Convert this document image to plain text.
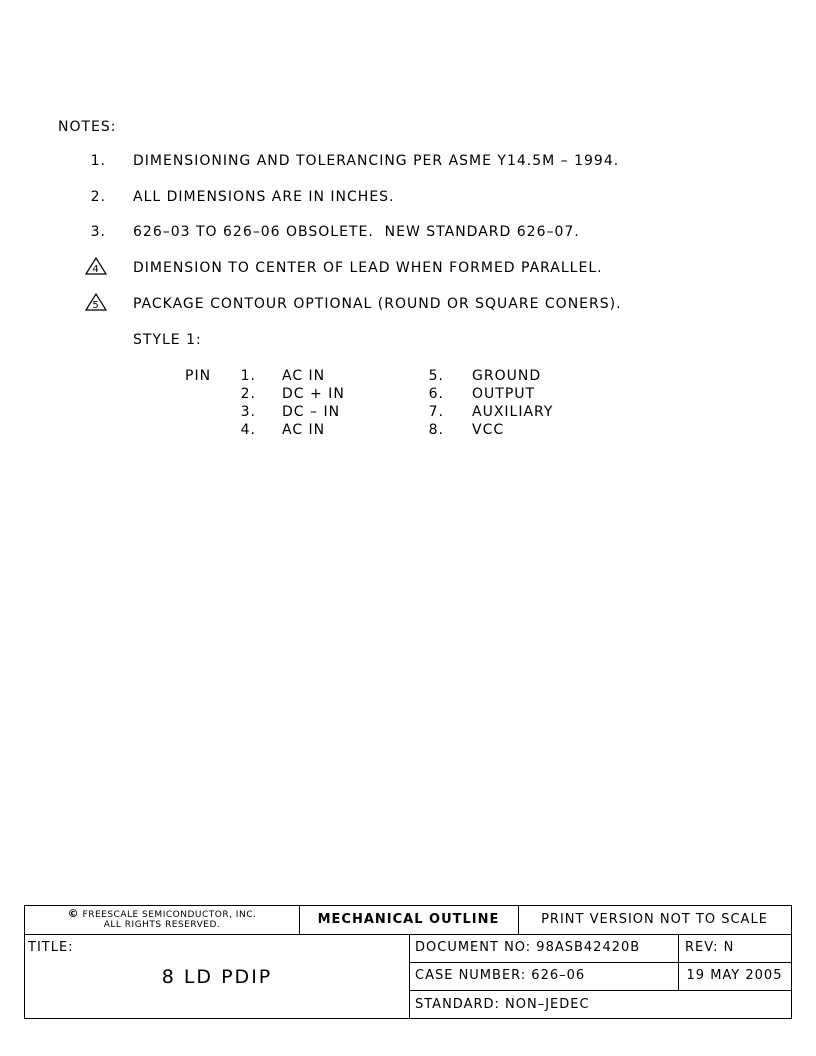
NOTES:
1. DIMENSIONING AND TOLERANCING PER ASME Y14.5M – 1994.
2. ALL DIMENSIONS ARE IN INCHES.
3. 626–03 TO 626–06 OBSOLETE.  NEW STANDARD 626–07.
4 DIMENSION TO CENTER OF LEAD WHEN FORMED PARALLEL.
5 PACKAGE CONTOUR OPTIONAL (ROUND OR SQUARE CONERS).
STYLE 1:
PIN	1. AC IN
2. DC + IN
3. DC – IN
4. AC IN
5. GROUND
6. OUTPUT
7. AUXILIARY
8. VCC
© FREESCALE SEMICONDUCTOR, INC.
ALL RIGHTS RESERVED.	MECHANICAL OUTLINE	PRINT VERSION NOT TO SCALE
TITLE:
8 LD PDIP
DOCUMENT NO: 98ASB42420B	REV: N
CASE NUMBER: 626–06	19 MAY 2005
STANDARD: NON–JEDEC
